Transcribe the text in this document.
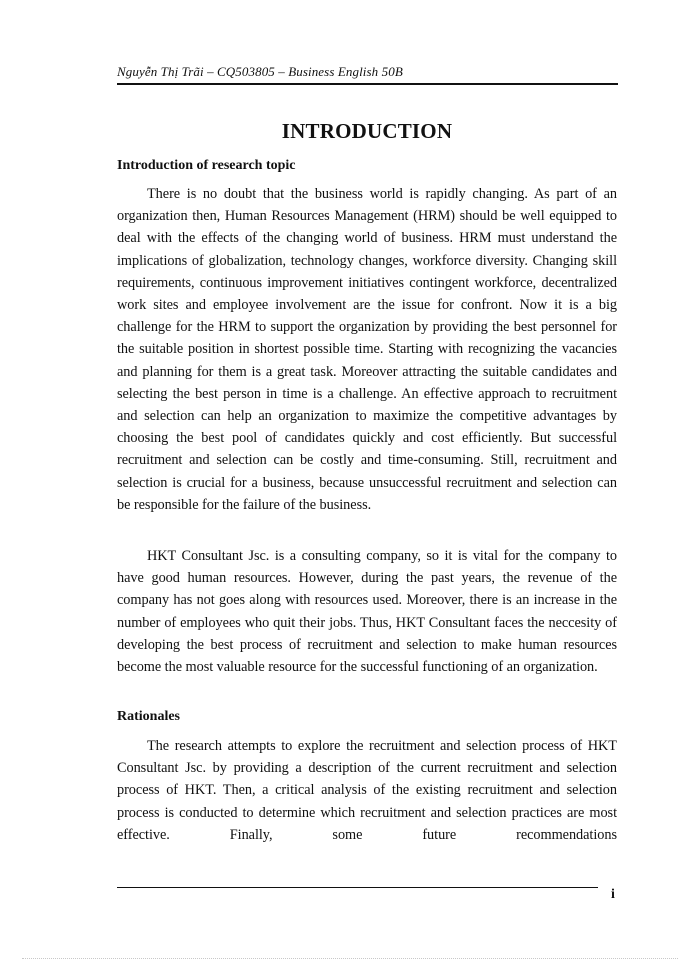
Nguyễn Thị Trãi – CQ503805 – Business English 50B
INTRODUCTION
Introduction of research topic

There is no doubt that the business world is rapidly changing. As part of an organization then, Human Resources Management (HRM) should be well equipped to deal with the effects of the changing world of business. HRM must understand the implications of globalization, technology changes, workforce diversity. Changing skill requirements, continuous improvement initiatives contingent workforce, decentralized work sites and employee involvement are the issue for confront. Now it is a big challenge for the HRM to support the organization by providing the best personnel for the suitable position in shortest possible time. Starting with recognizing the vacancies and planning for them is a great task. Moreover attracting the suitable candidates and selecting the best person in time is a challenge. An effective approach to recruitment and selection can help an organization to maximize the competitive advantages by choosing the best pool of candidates quickly and cost efficiently. But successful recruitment and selection can be costly and time-consuming. Still, recruitment and selection is crucial for a business, because unsuccessful recruitment and selection can be responsible for the failure of the business.

HKT Consultant Jsc. is a consulting company, so it is vital for the company to have good human resources. However, during the past years, the revenue of the company has not goes along with resources used. Moreover, there is an increase in the number of employees who quit their jobs. Thus, HKT Consultant faces the neccesity of developing the best process of recruitment and selection to make human resources become the most valuable resource for the successful functioning of an organization.

Rationales

The research attempts to explore the recruitment and selection process of HKT Consultant Jsc. by providing a description of the current recruitment and selection process of HKT. Then, a critical analysis of the existing recruitment and selection process is conducted to determine which recruitment and selection practices are most effective. Finally, some future recommendations

i
